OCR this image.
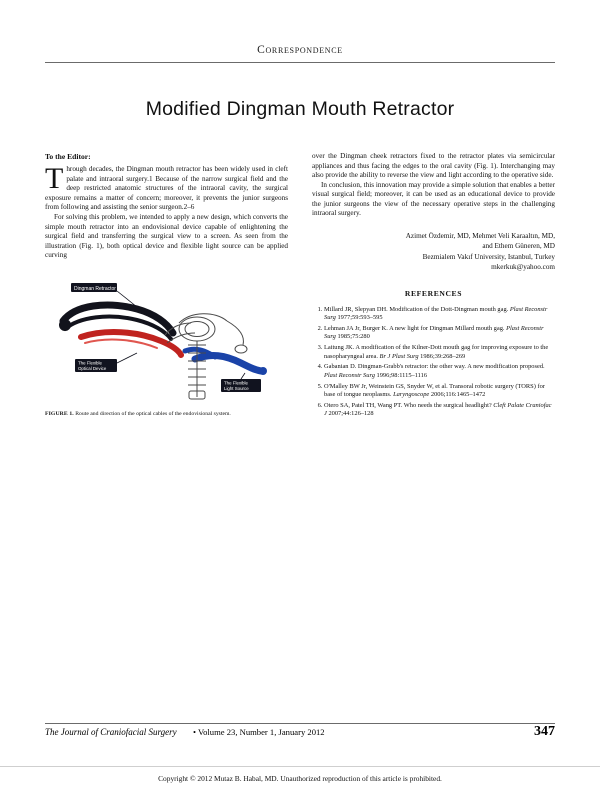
Correspondence
Modified Dingman Mouth Retractor
To the Editor:
T hrough decades, the Dingman mouth retractor has been widely used in cleft palate and intraoral surgery.1 Because of the narrow surgical field and the deep restricted anatomic structures of the intraoral cavity, the surgical exposure remains a matter of concern; moreover, it prevents the junior surgeons from following and assisting the senior surgeon.2–6

For solving this problem, we intended to apply a new design, which converts the simple mouth retractor into an endovisional device capable of enlightening the surgical field and transferring the surgical view to a screen. As seen from the illustration (Fig. 1), both optical device and flexible light source can be applied curving

Dingman Retractor
The Flexible
Optical Device
The Flexible
Light Source
FIGURE 1. Route and direction of the optical cables of the endovisional system.

over the Dingman cheek retractors fixed to the retractor plates via semicircular appliances and thus facing the edges to the oral cavity (Fig. 1). Interchanging may also provide the ability to reverse the view and light according to the operative side.

In conclusion, this innovation may provide a simple solution that enables a better visual surgical field; moreover, it can be used as an educational device to provide the junior surgeons the view of the necessary operative steps in the challenging intraoral surgery.

Azimet Özdemir, MD, Mehmet Veli Karaaltın, MD,
and Ethem Güneren, MD
Bezmialem Vakıf University, Istanbul, Turkey
mkerkuk@yahoo.com
REFERENCES
1. Millard JR, Slepyan DH. Modification of the Dott-Dingman mouth gag. Plast Reconstr Surg 1977;59:593–595
2. Lehman JA Jr, Burger K. A new light for Dingman Millard mouth gag. Plast Reconstr Surg 1985;75:280
3. Laitung JK. A modification of the Kilner-Dott mouth gag for improving exposure to the nasopharyngeal area. Br J Plast Surg 1986;39:268–269
4. Gabanian D. Dingman-Grabb's retractor: the other way. A new modification proposed. Plast Reconstr Surg 1996;98:1115–1116
5. O'Malley BW Jr, Weinstein GS, Snyder W, et al. Transoral robotic surgery (TORS) for base of tongue neoplasms. Laryngoscope 2006;116:1465–1472
6. Otero SA, Patel TH, Wang PT. Who needs the surgical headlight? Cleft Palate Craniofac J 2007;44:126–128
The Journal of Craniofacial Surgery • Volume 23, Number 1, January 2012	347
Copyright © 2012 Mutaz B. Habal, MD. Unauthorized reproduction of this article is prohibited.
